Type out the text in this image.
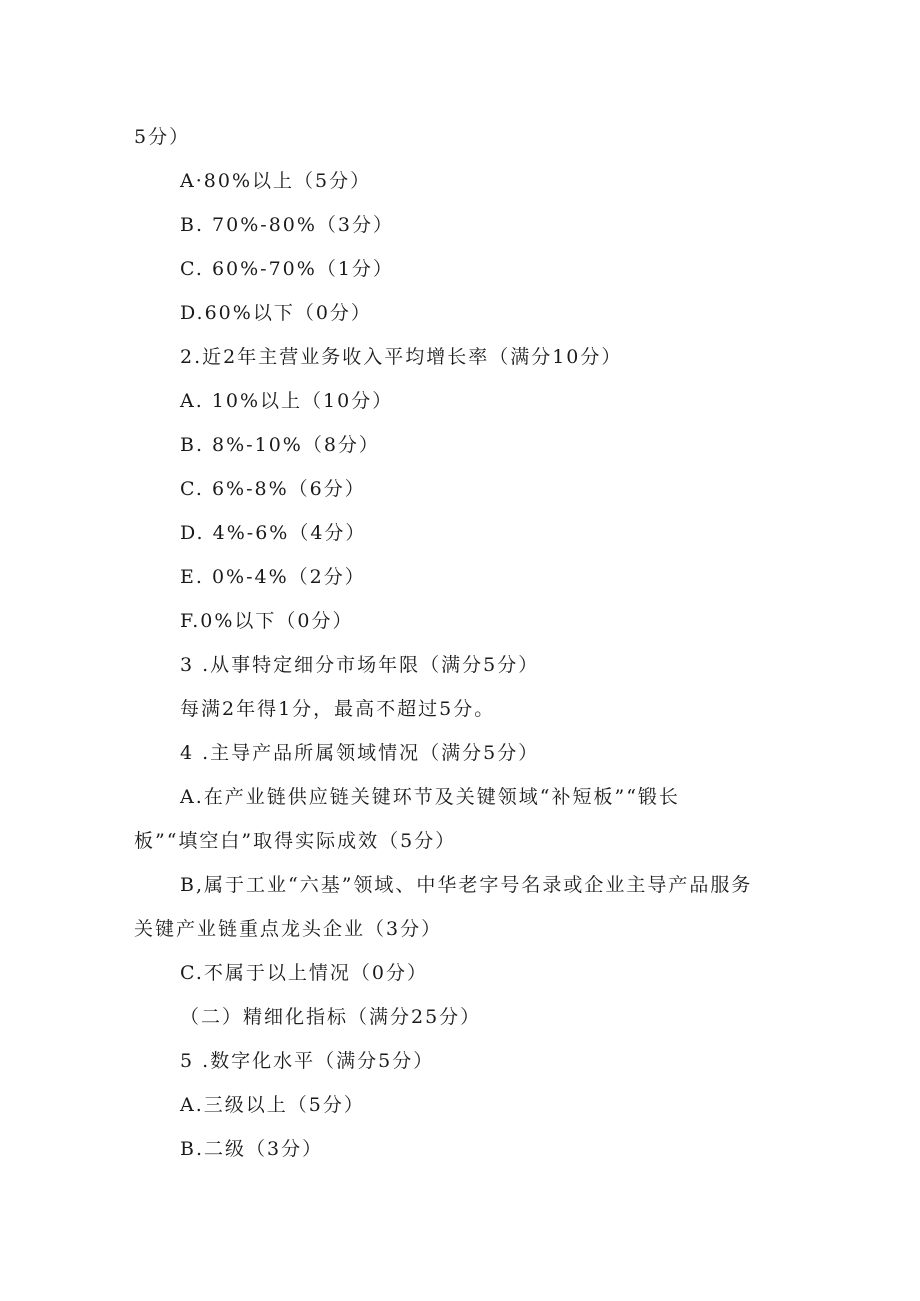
5分）
A·80%以上（5分）
B. 70%-80%（3分）
C. 60%-70%（1分）
D.60%以下（0分）
2.近2年主营业务收入平均增长率（满分10分）
A. 10%以上（10分）
B. 8%-10%（8分）
C. 6%-8%（6分）
D. 4%-6%（4分）
E. 0%-4%（2分）
F.0%以下（0分）
3 .从事特定细分市场年限（满分5分）
每满2年得1分，最高不超过5分。
4 .主导产品所属领域情况（满分5分）
A.在产业链供应链关键环节及关键领域“补短板”“锻长
板”“填空白”取得实际成效（5分）
B,属于工业“六基”领域、中华老字号名录或企业主导产品服务
关键产业链重点龙头企业（3分）
C.不属于以上情况（0分）
（二）精细化指标（满分25分）
5 .数字化水平（满分5分）
A.三级以上（5分）
B.二级（3分）
